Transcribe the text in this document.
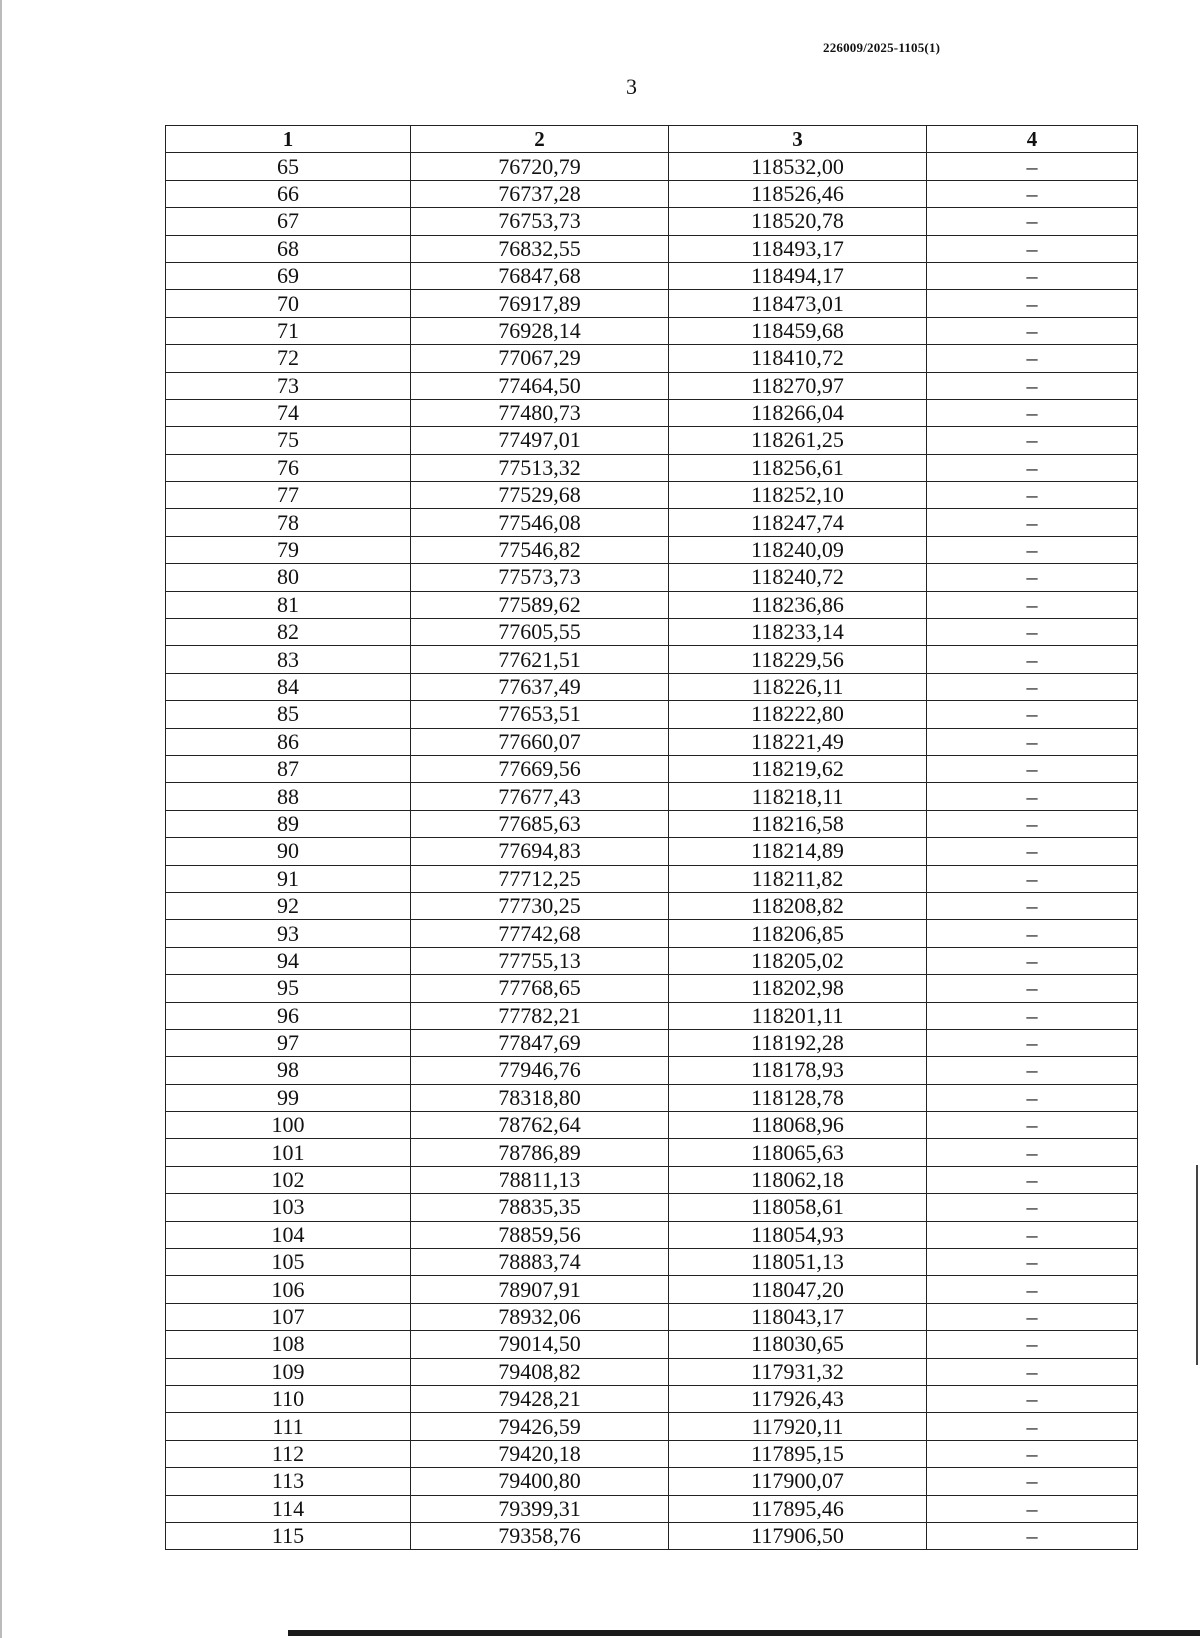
226009/2025-1105(1)
3
1	2	3	4
65	76720,79	118532,00	–
66	76737,28	118526,46	–
67	76753,73	118520,78	–
68	76832,55	118493,17	–
69	76847,68	118494,17	–
70	76917,89	118473,01	–
71	76928,14	118459,68	–
72	77067,29	118410,72	–
73	77464,50	118270,97	–
74	77480,73	118266,04	–
75	77497,01	118261,25	–
76	77513,32	118256,61	–
77	77529,68	118252,10	–
78	77546,08	118247,74	–
79	77546,82	118240,09	–
80	77573,73	118240,72	–
81	77589,62	118236,86	–
82	77605,55	118233,14	–
83	77621,51	118229,56	–
84	77637,49	118226,11	–
85	77653,51	118222,80	–
86	77660,07	118221,49	–
87	77669,56	118219,62	–
88	77677,43	118218,11	–
89	77685,63	118216,58	–
90	77694,83	118214,89	–
91	77712,25	118211,82	–
92	77730,25	118208,82	–
93	77742,68	118206,85	–
94	77755,13	118205,02	–
95	77768,65	118202,98	–
96	77782,21	118201,11	–
97	77847,69	118192,28	–
98	77946,76	118178,93	–
99	78318,80	118128,78	–
100	78762,64	118068,96	–
101	78786,89	118065,63	–
102	78811,13	118062,18	–
103	78835,35	118058,61	–
104	78859,56	118054,93	–
105	78883,74	118051,13	–
106	78907,91	118047,20	–
107	78932,06	118043,17	–
108	79014,50	118030,65	–
109	79408,82	117931,32	–
110	79428,21	117926,43	–
111	79426,59	117920,11	–
112	79420,18	117895,15	–
113	79400,80	117900,07	–
114	79399,31	117895,46	–
115	79358,76	117906,50	–
